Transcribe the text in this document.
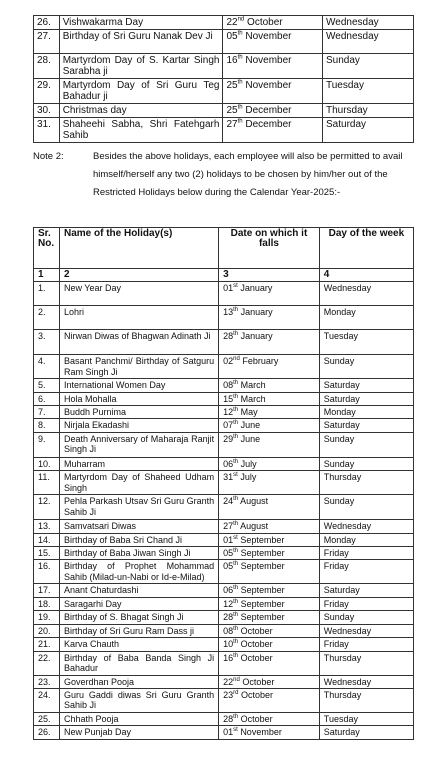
26.	Vishwakarma Day	22nd October	Wednesday
27.	Birthday of Sri Guru Nanak Dev Ji	05th November	Wednesday
28.	Martyrdom Day of S. Kartar Singh Sarabha ji	16th November	Sunday
29.	Martyrdom Day of Sri Guru Teg Bahadur ji	25th November	Tuesday
30.	Christmas day	25th December	Thursday
31.	Shaheehi Sabha, Shri Fatehgarh Sahib	27th December	Saturday
Note 2:	Besides the above holidays, each employee will also be permitted to avail
himself/herself any two (2) holidays to be chosen by him/her out of the
Restricted Holidays below during the Calendar Year-2025:-
Sr. No.	Name of the Holiday(s)	Date on which it falls	Day of the week
1	2	3	4
1.	New Year Day	01st January	Wednesday
2.	Lohri	13th January	Monday
3.	Nirwan Diwas of Bhagwan Adinath Ji	28th January	Tuesday
4.	Basant Panchmi/ Birthday of Satguru Ram Singh Ji	02nd February	Sunday
5.	International Women Day	08th March	Saturday
6.	Hola Mohalla	15th March	Saturday
7.	Buddh Purnima	12th May	Monday
8.	Nirjala Ekadashi	07th June	Saturday
9.	Death Anniversary of Maharaja Ranjit Singh Ji	29th June	Sunday
10.	Muharram	06th July	Sunday
11.	Martyrdom Day of Shaheed Udham Singh	31st July	Thursday
12.	Pehla Parkash Utsav Sri Guru Granth Sahib Ji	24th August	Sunday
13.	Samvatsari Diwas	27th August	Wednesday
14.	Birthday of Baba Sri Chand Ji	01st September	Monday
15.	Birthday of Baba Jiwan Singh Ji	05th September	Friday
16.	Birthday of Prophet Mohammad Sahib (Milad-un-Nabi or Id-e-Milad)	05th September	Friday
17.	Anant Chaturdashi	06th September	Saturday
18.	Saragarhi Day	12th September	Friday
19.	Birthday of S. Bhagat Singh Ji	28th September	Sunday
20.	Birthday of Sri Guru Ram Dass ji	08th October	Wednesday
21.	Karva Chauth	10th October	Friday
22.	Birthday of Baba Banda Singh Ji Bahadur	16th October	Thursday
23.	Goverdhan Pooja	22nd October	Wednesday
24.	Guru Gaddi diwas Sri Guru Granth Sahib Ji	23rd October	Thursday
25.	Chhath Pooja	28th October	Tuesday
26.	New Punjab Day	01st November	Saturday
